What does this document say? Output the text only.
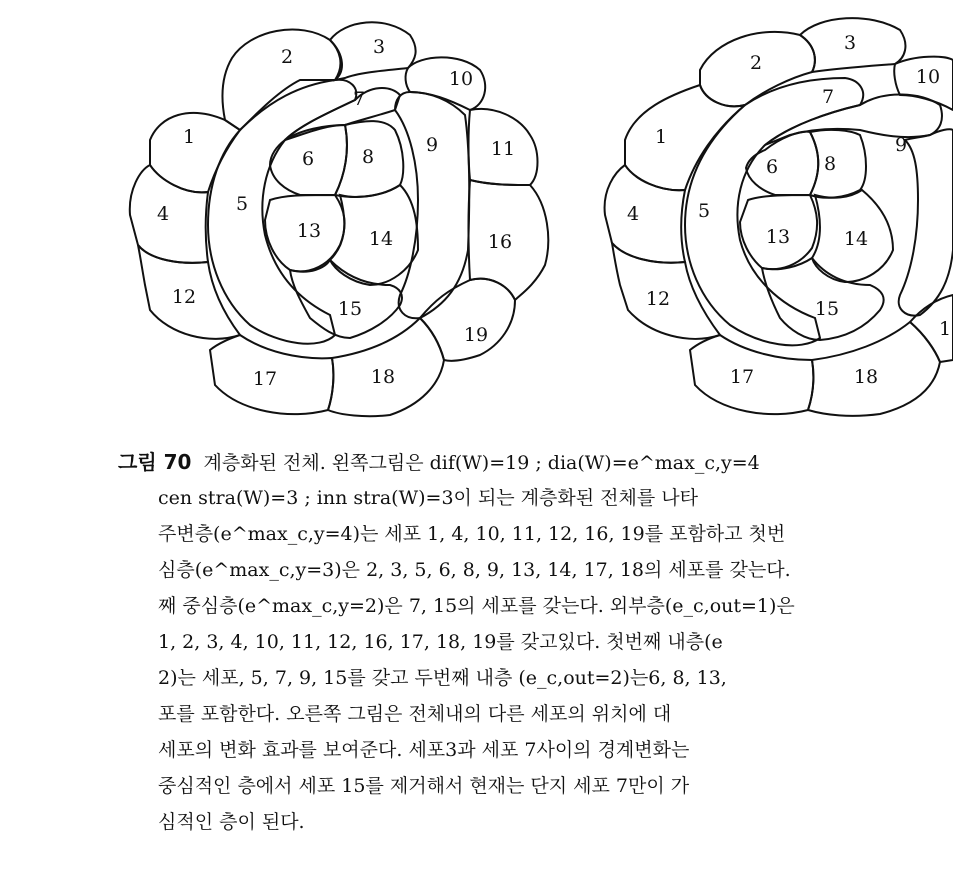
1
2	3
4	5
6
7
8
9
10
11
12
13	14
15
16
17	18
19
1
2
3
4	5
6
7
8
9
10
12
13	14
15
17	18
1
그림 70 계층화된 전체. 왼쪽그림은 dif(W)=19 ; dia(W)=e^max_c,y=4
cen stra(W)=3 ; inn stra(W)=3이 되는 계층화된 전체를 나타
주변층(e^max_c,y=4)는 세포 1, 4, 10, 11, 12, 16, 19를 포함하고 첫번
심층(e^max_c,y=3)은 2, 3, 5, 6, 8, 9, 13, 14, 17, 18의 세포를 갖는다.
째 중심층(e^max_c,y=2)은 7, 15의 세포를 갖는다. 외부층(e_c,out=1)은
1, 2, 3, 4, 10, 11, 12, 16, 17, 18, 19를 갖고있다. 첫번째 내층(e
2)는 세포, 5, 7, 9, 15를 갖고 두번째 내층 (e_c,out=2)는6, 8, 13,
포를 포함한다. 오른쪽 그림은 전체내의 다른 세포의 위치에 대
세포의 변화 효과를 보여준다. 세포3과 세포 7사이의 경계변화는
중심적인 층에서 세포 15를 제거해서 현재는 단지 세포 7만이 가
심적인 층이 된다.
